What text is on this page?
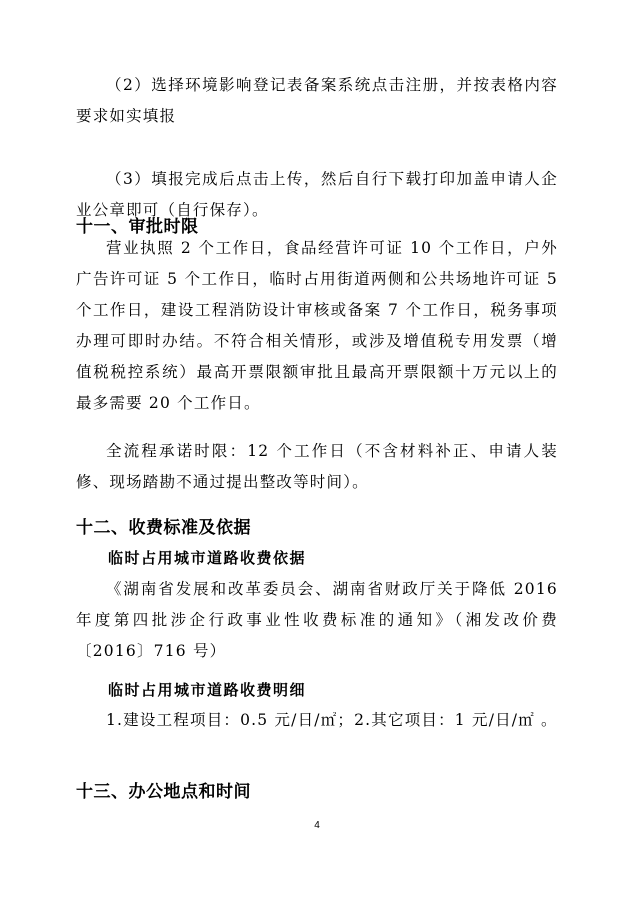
（2）选择环境影响登记表备案系统点击注册，并按表格内容要求如实填报
（3）填报完成后点击上传，然后自行下载打印加盖申请人企业公章即可（自行保存）。
十一、审批时限
营业执照 2 个工作日，食品经营许可证 10 个工作日，户外广告许可证 5 个工作日，临时占用街道两侧和公共场地许可证 5 个工作日，建设工程消防设计审核或备案 7 个工作日，税务事项办理可即时办结。不符合相关情形，或涉及增值税专用发票（增值税税控系统）最高开票限额审批且最高开票限额十万元以上的最多需要 20 个工作日。
全流程承诺时限：12 个工作日（不含材料补正、申请人装修、现场踏勘不通过提出整改等时间）。
十二、收费标准及依据
临时占用城市道路收费依据
《湖南省发展和改革委员会、湖南省财政厅关于降低 2016 年度第四批涉企行政事业性收费标准的通知》（湘发改价费〔2016〕716 号）
临时占用城市道路收费明细
1.建设工程项目：0.5 元/日/㎡；2.其它项目：1 元/日/㎡ 。
十三、办公地点和时间
4
